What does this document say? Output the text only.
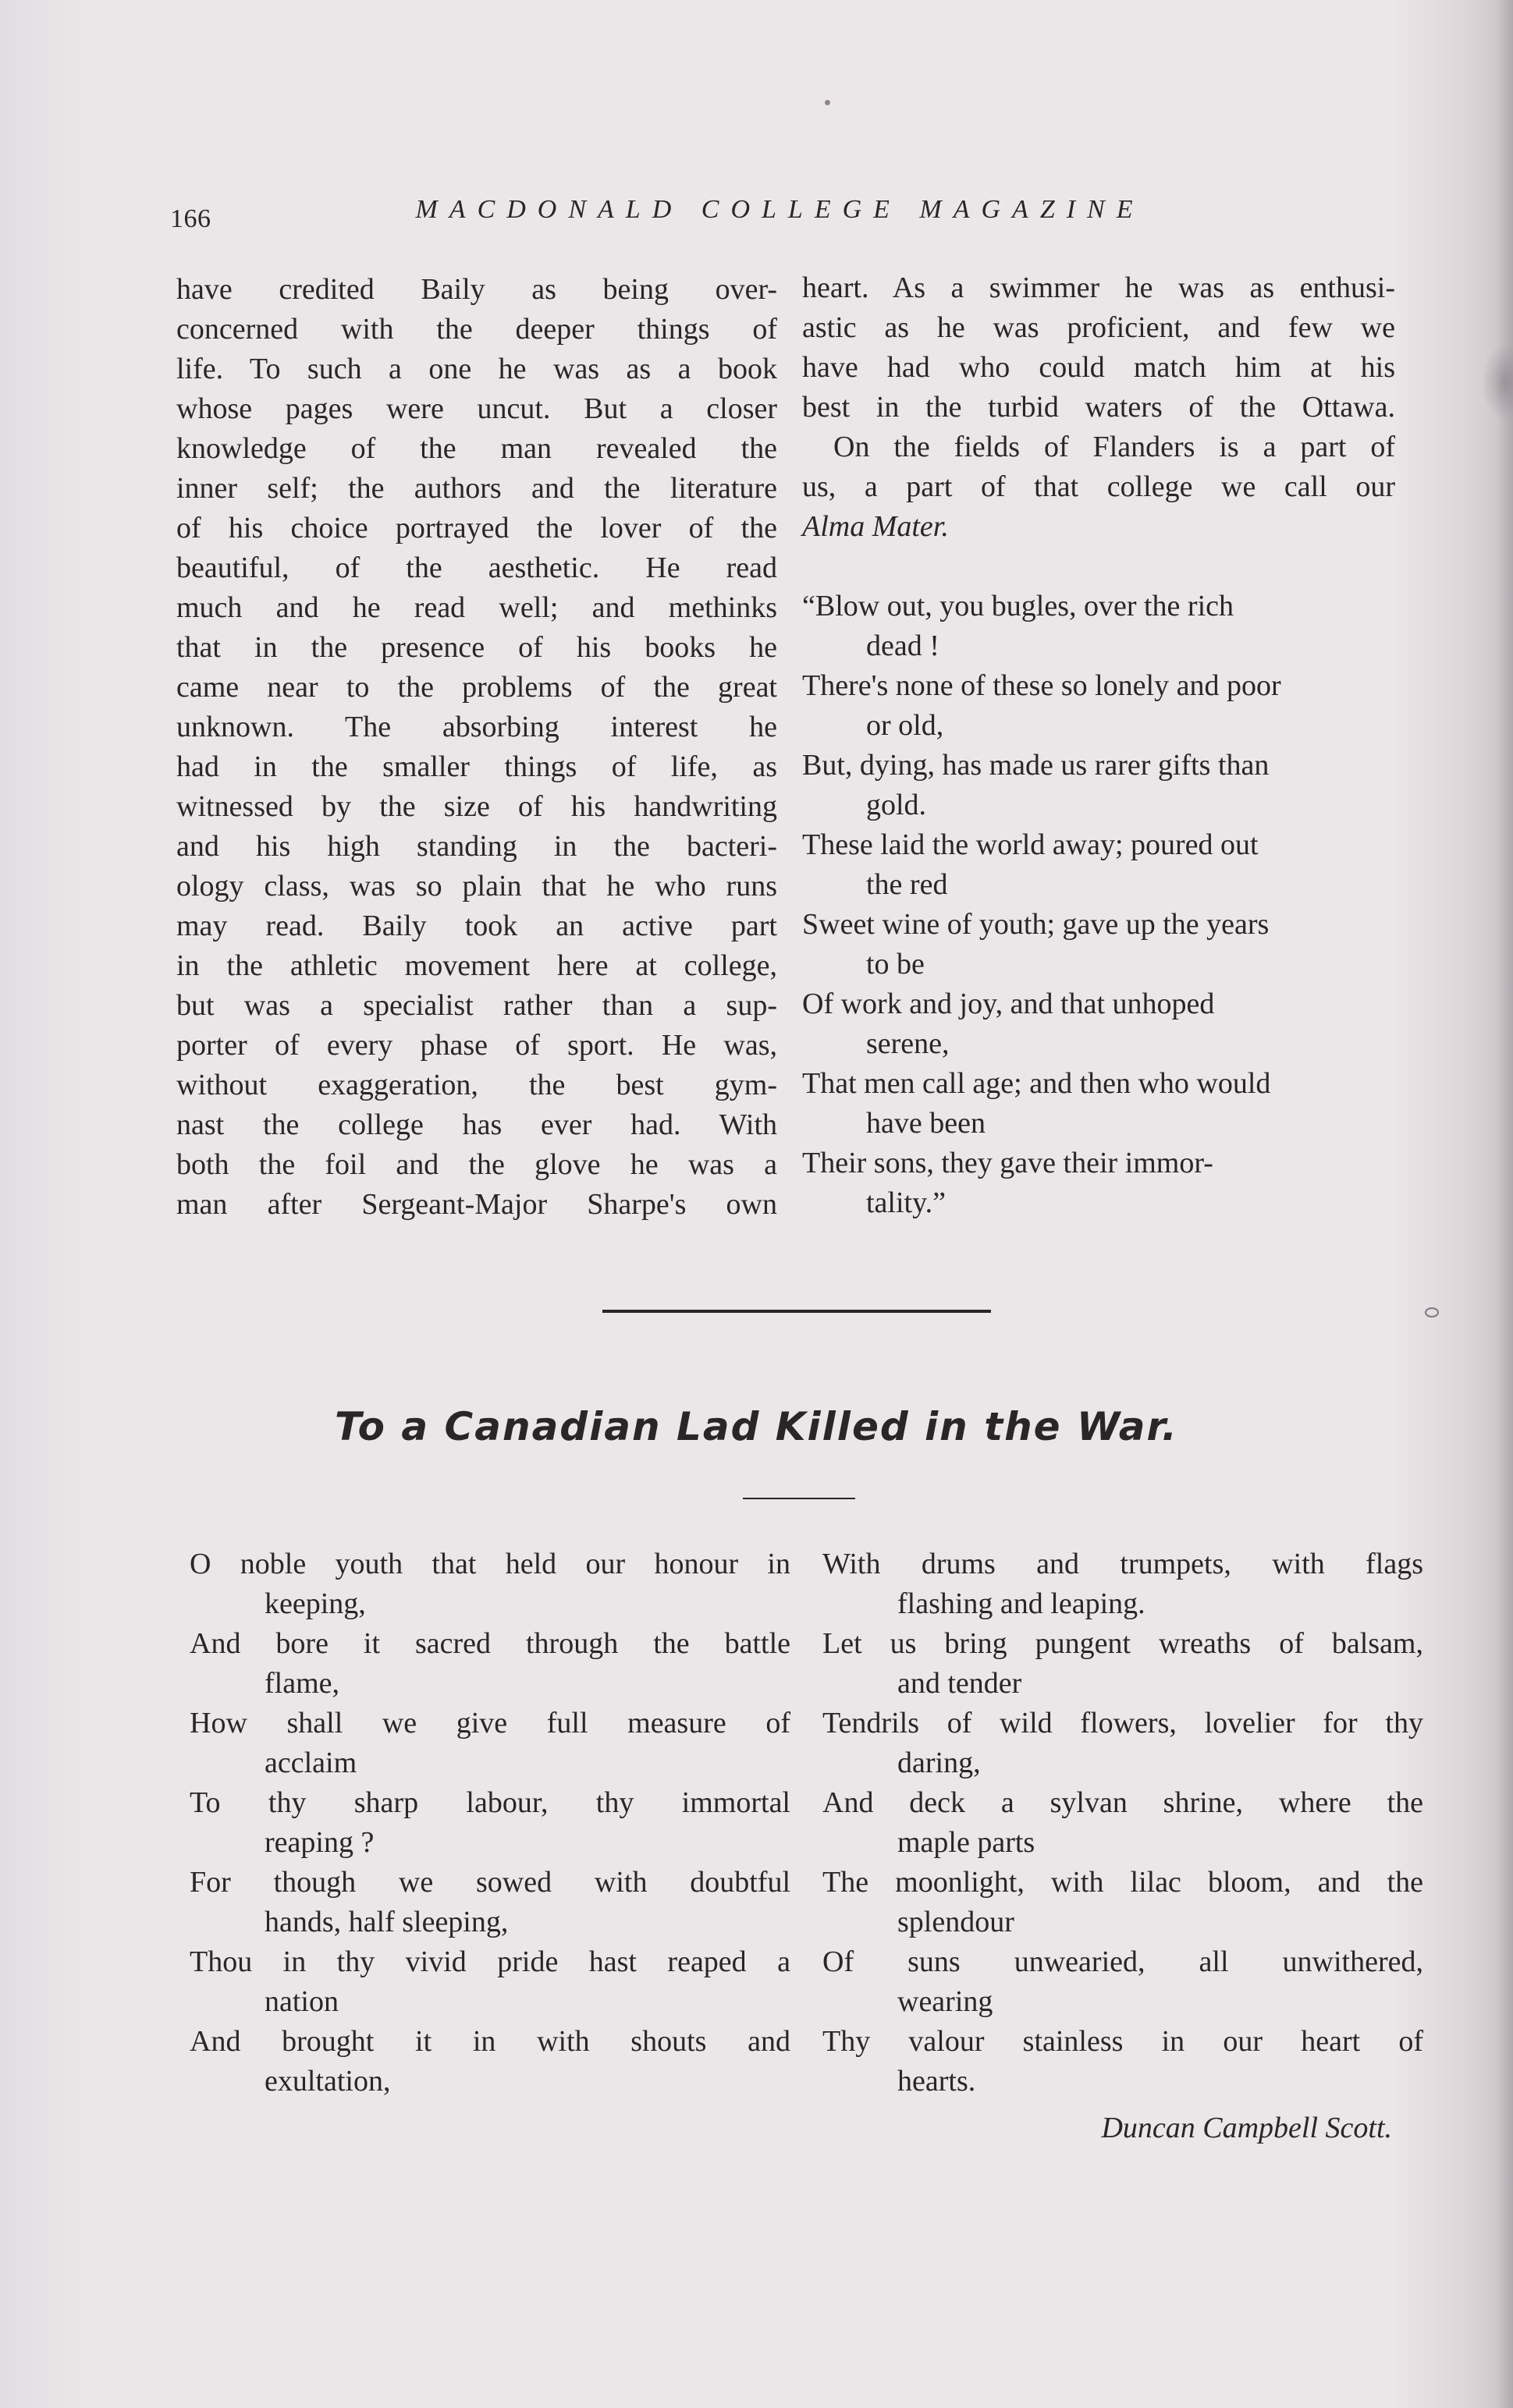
166	MACDONALD COLLEGE MAGAZINE

have credited Baily as being over-

concerned with the deeper things of

life. To such a one he was as a book

whose pages were uncut. But a closer

knowledge of the man revealed the

inner self; the authors and the literature

of his choice portrayed the lover of the

beautiful, of the aesthetic. He read

much and he read well; and methinks

that in the presence of his books he

came near to the problems of the great

unknown. The absorbing interest he

had in the smaller things of life, as

witnessed by the size of his handwriting

and his high standing in the bacteri-

ology class, was so plain that he who runs

may read. Baily took an active part

in the athletic movement here at college,

but was a specialist rather than a sup-

porter of every phase of sport. He was,

without exaggeration, the best gym-

nast the college has ever had. With

both the foil and the glove he was a

man after Sergeant-Major Sharpe's own

heart. As a swimmer he was as enthusi-

astic as he was proficient, and few we

have had who could match him at his

best in the turbid waters of the Ottawa.

On the fields of Flanders is a part of

us, a part of that college we call our

Alma Mater.

“Blow out, you bugles, over the rich
dead !

There's none of these so lonely and poor
or old,

But, dying, has made us rarer gifts than
gold.

These laid the world away; poured out
the red

Sweet wine of youth; gave up the years
to be

Of work and joy, and that unhoped
serene,

That men call age; and then who would
have been

Their sons, they gave their immor-
tality.”

To a Canadian Lad Killed in the War.

O noble youth that held our honour in

keeping,

And bore it sacred through the battle

flame,

How shall we give full measure of

acclaim

To thy sharp labour, thy immortal

reaping ?

For though we sowed with doubtful

hands, half sleeping,

Thou in thy vivid pride hast reaped a

nation

And brought it in with shouts and

exultation,

With drums and trumpets, with flags

flashing and leaping.

Let us bring pungent wreaths of balsam,

and tender

Tendrils of wild flowers, lovelier for thy

daring,

And deck a sylvan shrine, where the

maple parts

The moonlight, with lilac bloom, and the

splendour

Of suns unwearied, all unwithered,

wearing

Thy valour stainless in our heart of

hearts.

Duncan Campbell Scott.
